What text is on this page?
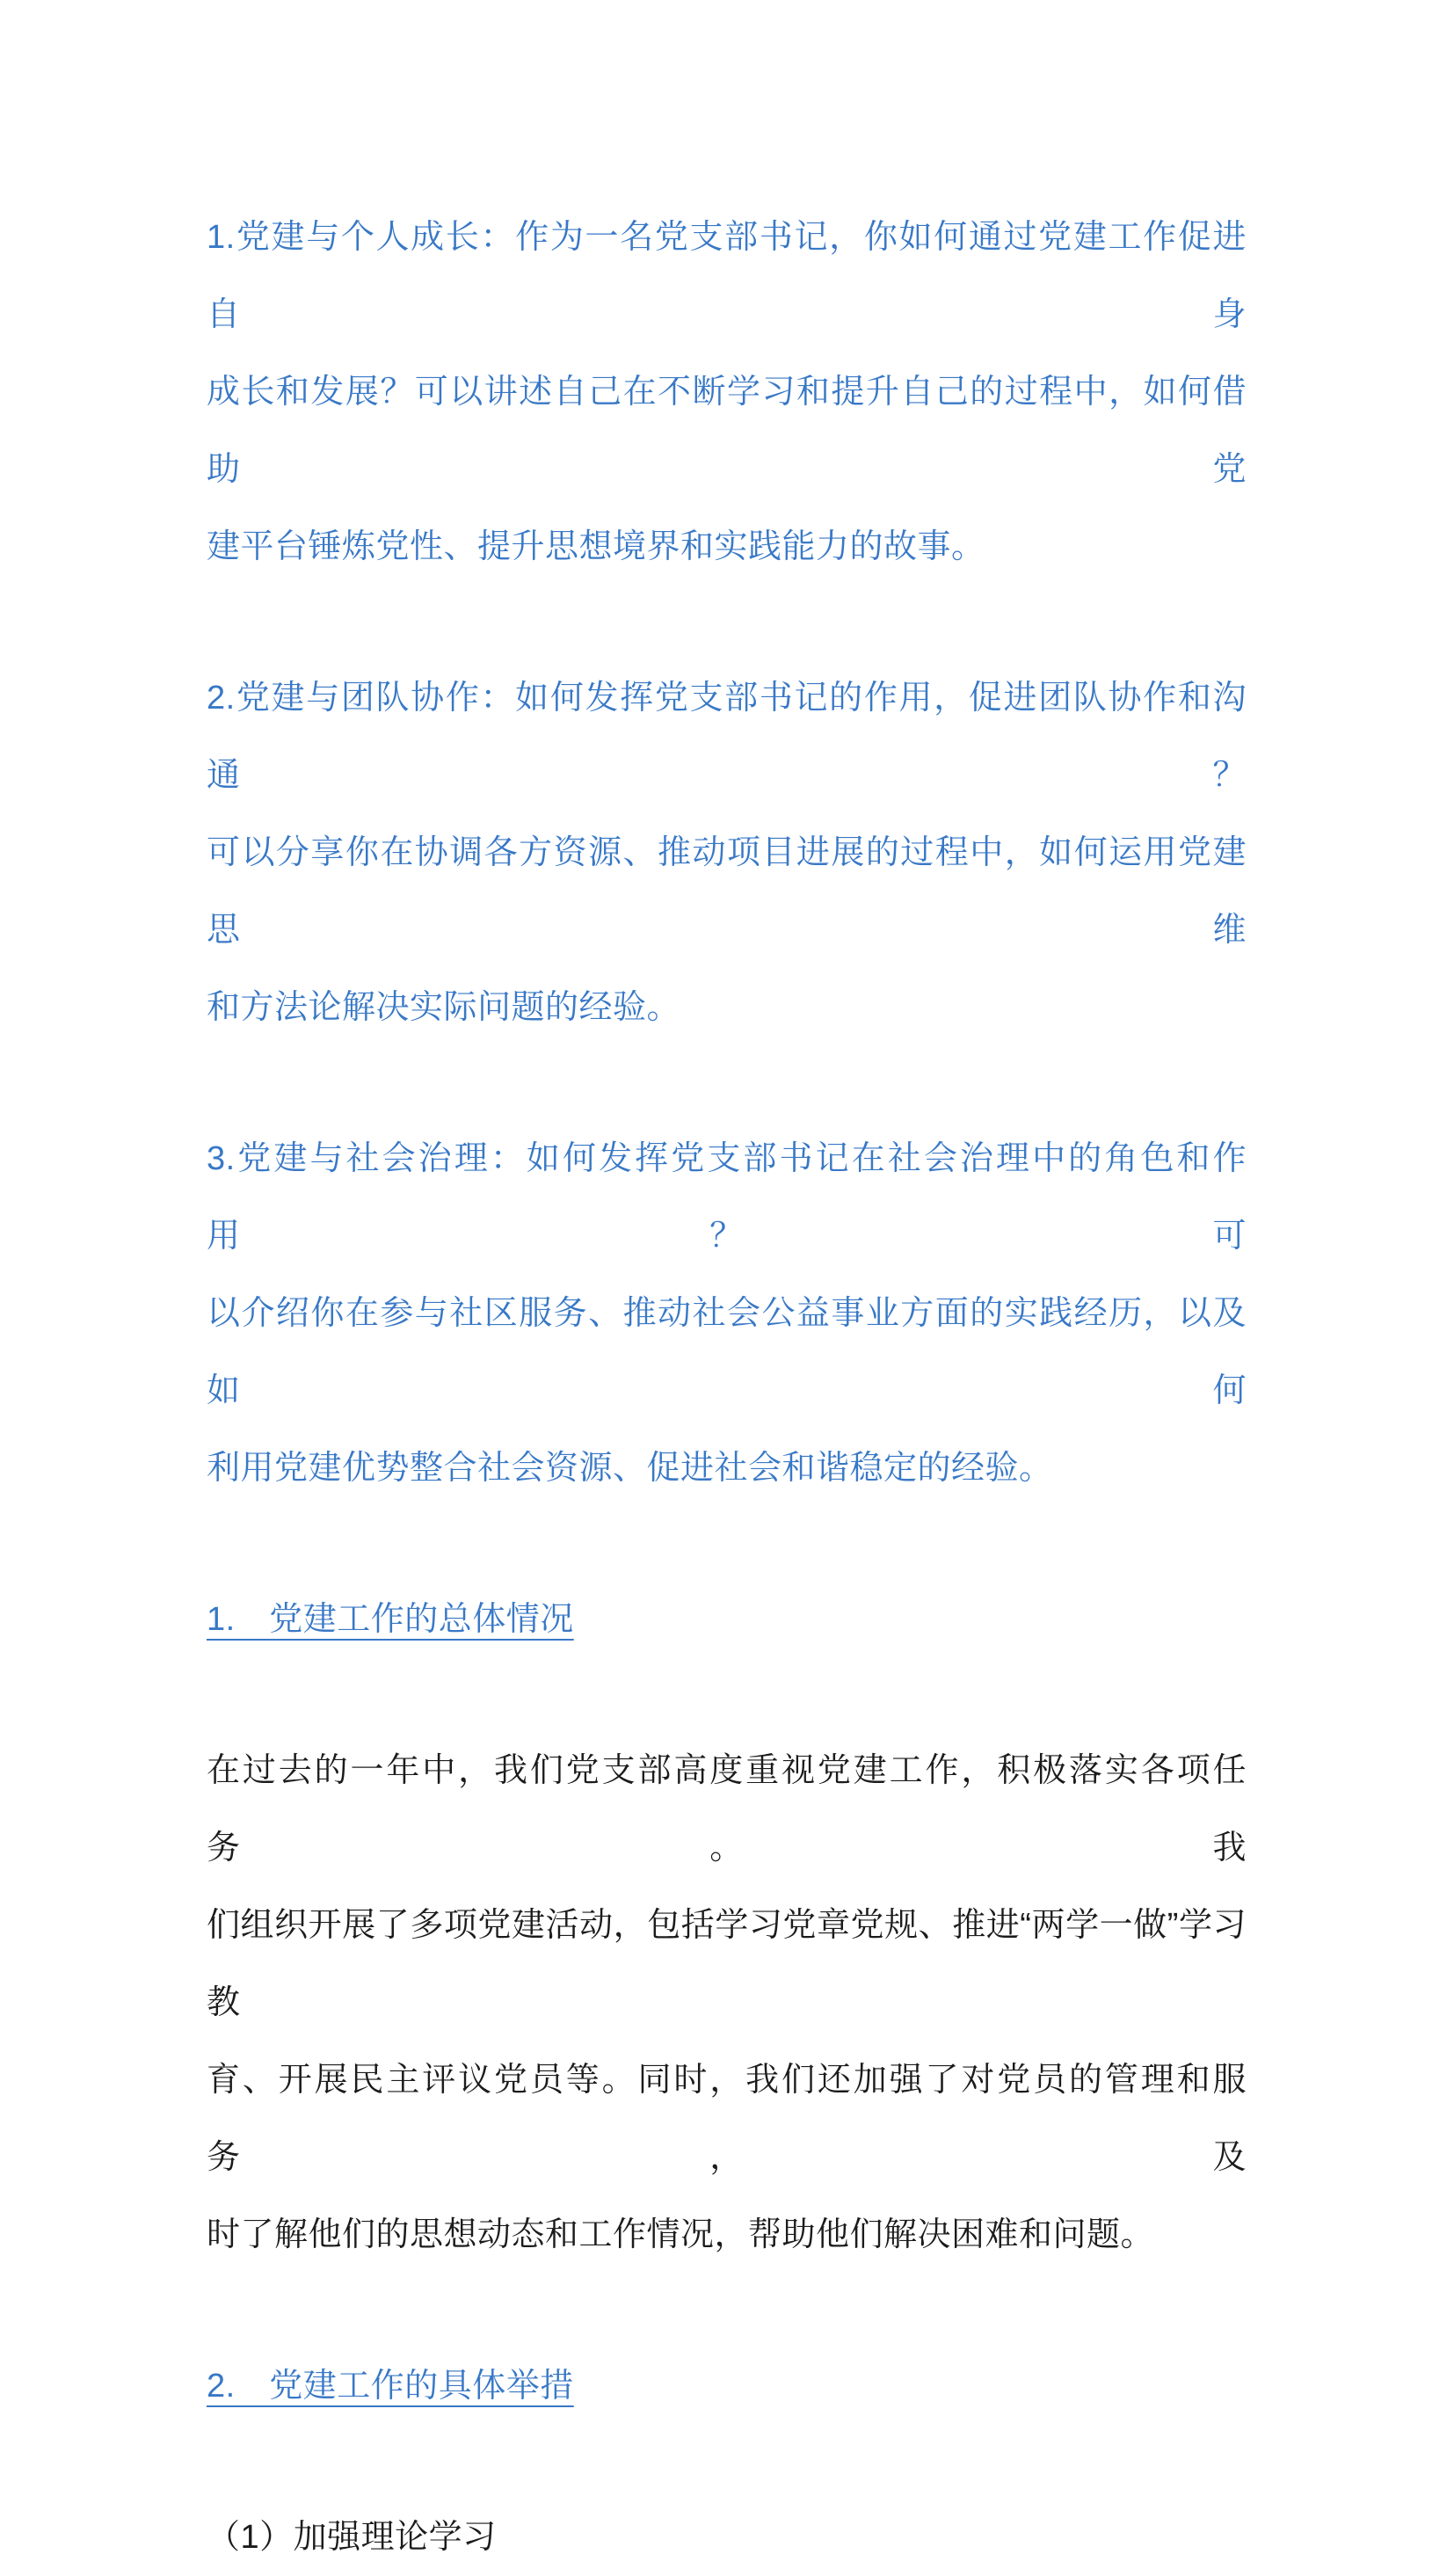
1.党建与个人成长：作为一名党支部书记，你如何通过党建工作促进自身
成长和发展？可以讲述自己在不断学习和提升自己的过程中，如何借助党
建平台锤炼党性、提升思想境界和实践能力的故事。
2.党建与团队协作：如何发挥党支部书记的作用，促进团队协作和沟通？
可以分享你在协调各方资源、推动项目进展的过程中，如何运用党建思维
和方法论解决实际问题的经验。
3.党建与社会治理：如何发挥党支部书记在社会治理中的角色和作用？可
以介绍你在参与社区服务、推动社会公益事业方面的实践经历，以及如何
利用党建优势整合社会资源、促进社会和谐稳定的经验。
1.　党建工作的总体情况
在过去的一年中，我们党支部高度重视党建工作，积极落实各项任务。我
们组织开展了多项党建活动，包括学习党章党规、推进“两学一做”学习教
育、开展民主评议党员等。同时，我们还加强了对党员的管理和服务，及
时了解他们的思想动态和工作情况，帮助他们解决困难和问题。
2.　党建工作的具体举措
（1）加强理论学习
